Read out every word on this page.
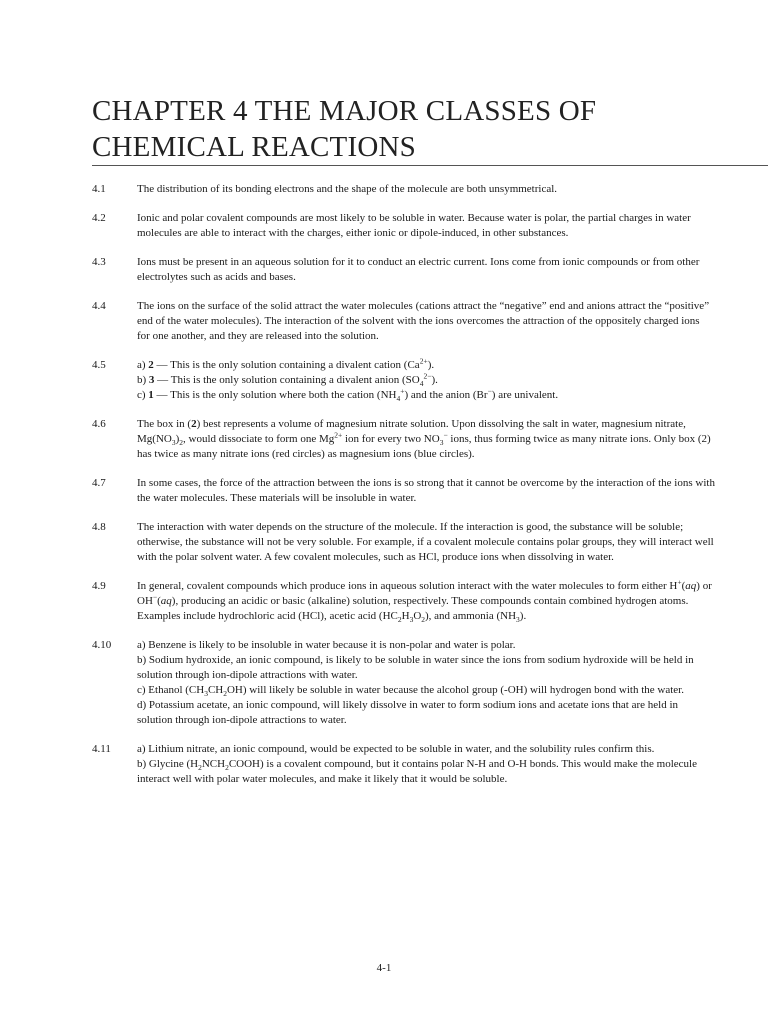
CHAPTER 4 THE MAJOR CLASSES OF
CHEMICAL REACTIONS
4.1	The distribution of its bonding electrons and the shape of the molecule are both unsymmetrical.

4.2	Ionic and polar covalent compounds are most likely to be soluble in water. Because water is polar, the partial charges in water molecules are able to interact with the charges, either ionic or dipole-induced, in other substances.

4.3	Ions must be present in an aqueous solution for it to conduct an electric current. Ions come from ionic compounds or from other electrolytes such as acids and bases.

4.4	The ions on the surface of the solid attract the water molecules (cations attract the “negative” end and anions attract the “positive” end of the water molecules). The interaction of the solvent with the ions overcomes the attraction of the oppositely charged ions for one another, and they are released into the solution.

4.5	a) 2 — This is the only solution containing a divalent cation $(Ca^{2+})$.

b) 3 — This is the only solution containing a divalent anion $(SO_4^{2-})$.

c) 1 — This is the only solution where both the cation $(NH_4^+)$ and the anion (Br−) are univalent.

4.6	The box in (2) best represents a volume of magnesium nitrate solution. Upon dissolving the salt in water, magnesium nitrate, $Mg(NO_3)_2$, would dissociate to form one $Mg^{2+}$ ion for every two $NO_3^-$ ions, thus forming twice as many nitrate ions. Only box (2) has twice as many nitrate ions (red circles) as magnesium ions (blue circles).

4.7	In some cases, the force of the attraction between the ions is so strong that it cannot be overcome by the interaction of the ions with the water molecules. These materials will be insoluble in water.

4.8	The interaction with water depends on the structure of the molecule. If the interaction is good, the substance will be soluble; otherwise, the substance will not be very soluble. For example, if a covalent molecule contains polar groups, they will interact well with the polar solvent water. A few covalent molecules, such as HCl, produce ions when dissolving in water.

4.9	In general, covalent compounds which produce ions in aqueous solution interact with the water molecules to form either H+(aq) or OH−(aq), producing an acidic or basic (alkaline) solution, respectively. These compounds contain combined hydrogen atoms. Examples include hydrochloric acid (HCl), acetic acid $(HC_2H_3O_2)$, and ammonia $(NH_3)$.

4.10	a) Benzene is likely to be insoluble in water because it is non-polar and water is polar.

b) Sodium hydroxide, an ionic compound, is likely to be soluble in water since the ions from sodium hydroxide will be held in solution through ion-dipole attractions with water.

c) Ethanol $(CH_3CH_2OH)$ will likely be soluble in water because the alcohol group (-OH) will hydrogen bond with the water.

d) Potassium acetate, an ionic compound, will likely dissolve in water to form sodium ions and acetate ions that are held in solution through ion-dipole attractions to water.

4.11	a) Lithium nitrate, an ionic compound, would be expected to be soluble in water, and the solubility rules confirm this.

b) Glycine $(H_2NCH_2COOH)$ is a covalent compound, but it contains polar N-H and O-H bonds. This would make the molecule interact well with polar water molecules, and make it likely that it would be soluble.

4-1
